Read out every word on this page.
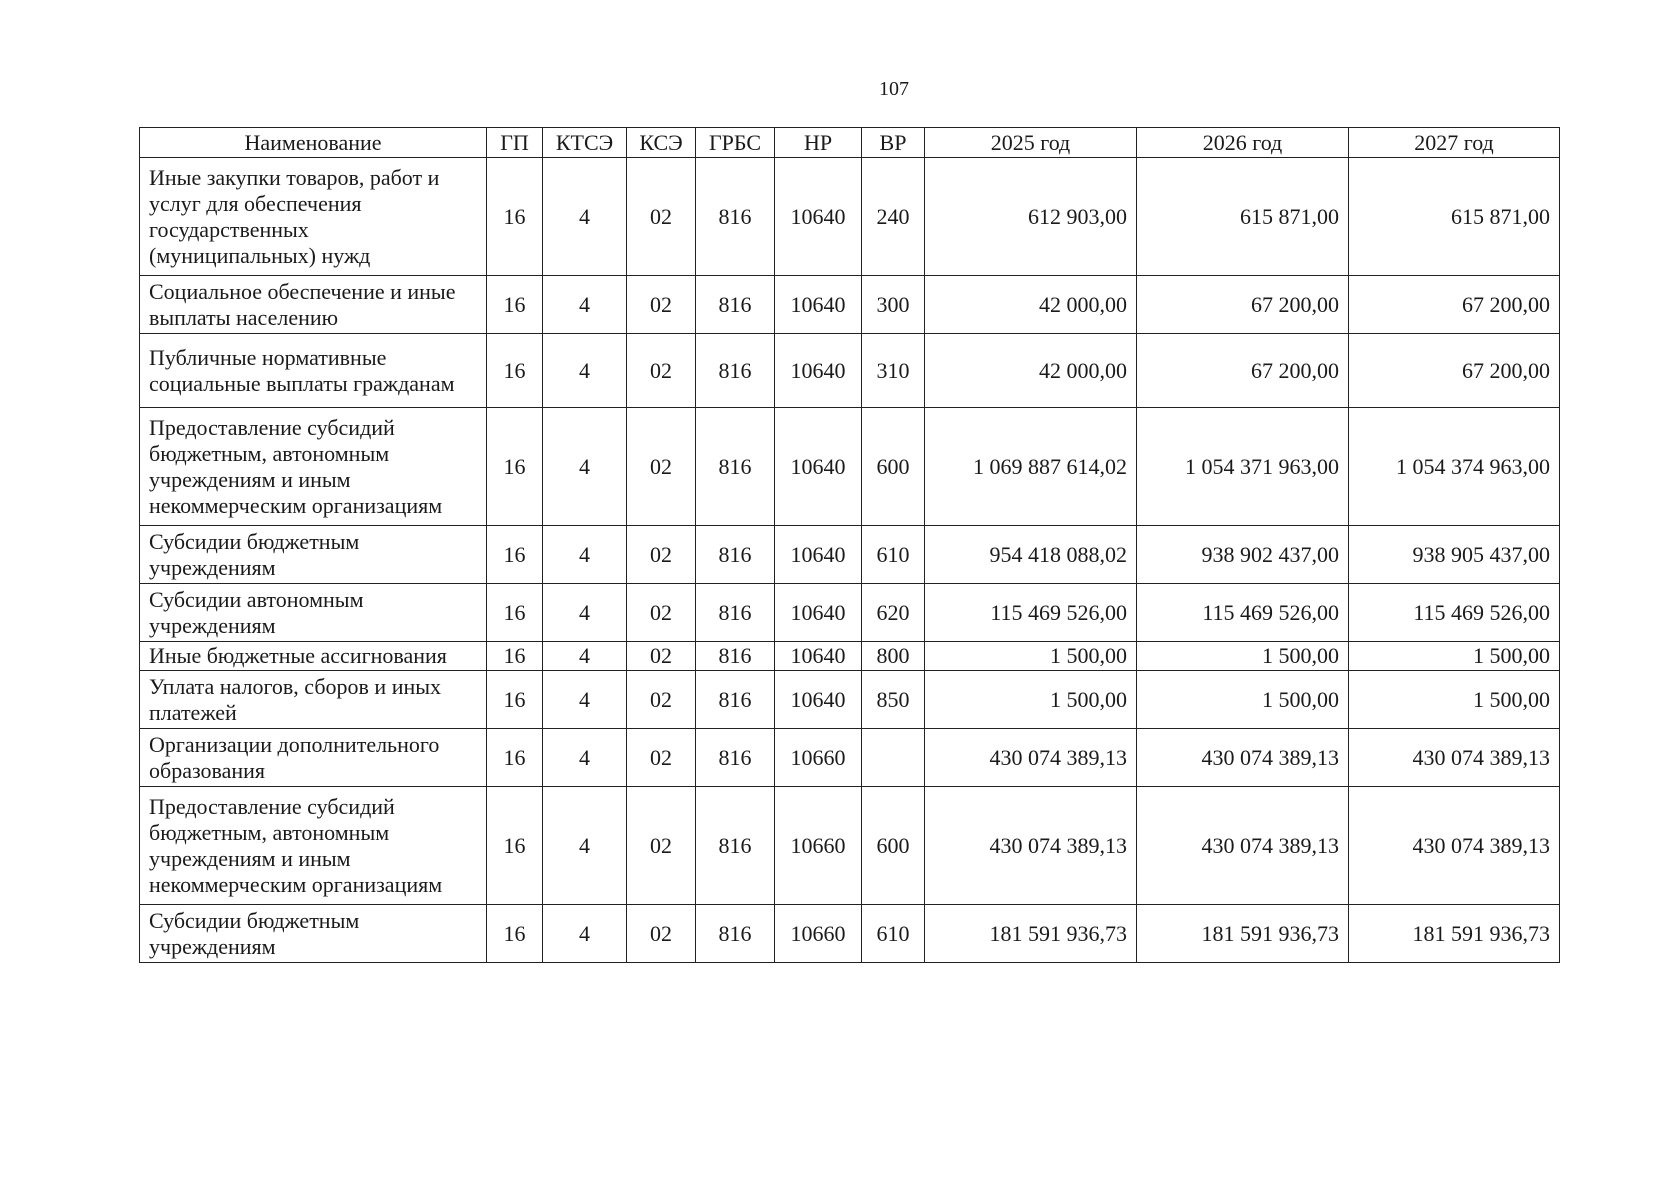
107
Наименование	ГП	КТСЭ	КСЭ	ГРБС	НР	ВР	2025 год	2026 год	2027 год
Иные закупки товаров, работ и услуг для обеспечения государственных (муниципальных) нужд	16	4	02	816	10640	240	612 903,00	615 871,00	615 871,00
Социальное обеспечение и иные выплаты населению	16	4	02	816	10640	300	42 000,00	67 200,00	67 200,00
Публичные нормативные социальные выплаты гражданам	16	4	02	816	10640	310	42 000,00	67 200,00	67 200,00
Предоставление субсидий бюджетным, автономным учреждениям и иным некоммерческим организациям	16	4	02	816	10640	600	1 069 887 614,02	1 054 371 963,00	1 054 374 963,00
Субсидии бюджетным учреждениям	16	4	02	816	10640	610	954 418 088,02	938 902 437,00	938 905 437,00
Субсидии автономным учреждениям	16	4	02	816	10640	620	115 469 526,00	115 469 526,00	115 469 526,00
Иные бюджетные ассигнования	16	4	02	816	10640	800	1 500,00	1 500,00	1 500,00
Уплата налогов, сборов и иных платежей	16	4	02	816	10640	850	1 500,00	1 500,00	1 500,00
Организации дополнительного образования	16	4	02	816	10660		430 074 389,13	430 074 389,13	430 074 389,13
Предоставление субсидий бюджетным, автономным учреждениям и иным некоммерческим организациям	16	4	02	816	10660	600	430 074 389,13	430 074 389,13	430 074 389,13
Субсидии бюджетным учреждениям	16	4	02	816	10660	610	181 591 936,73	181 591 936,73	181 591 936,73
